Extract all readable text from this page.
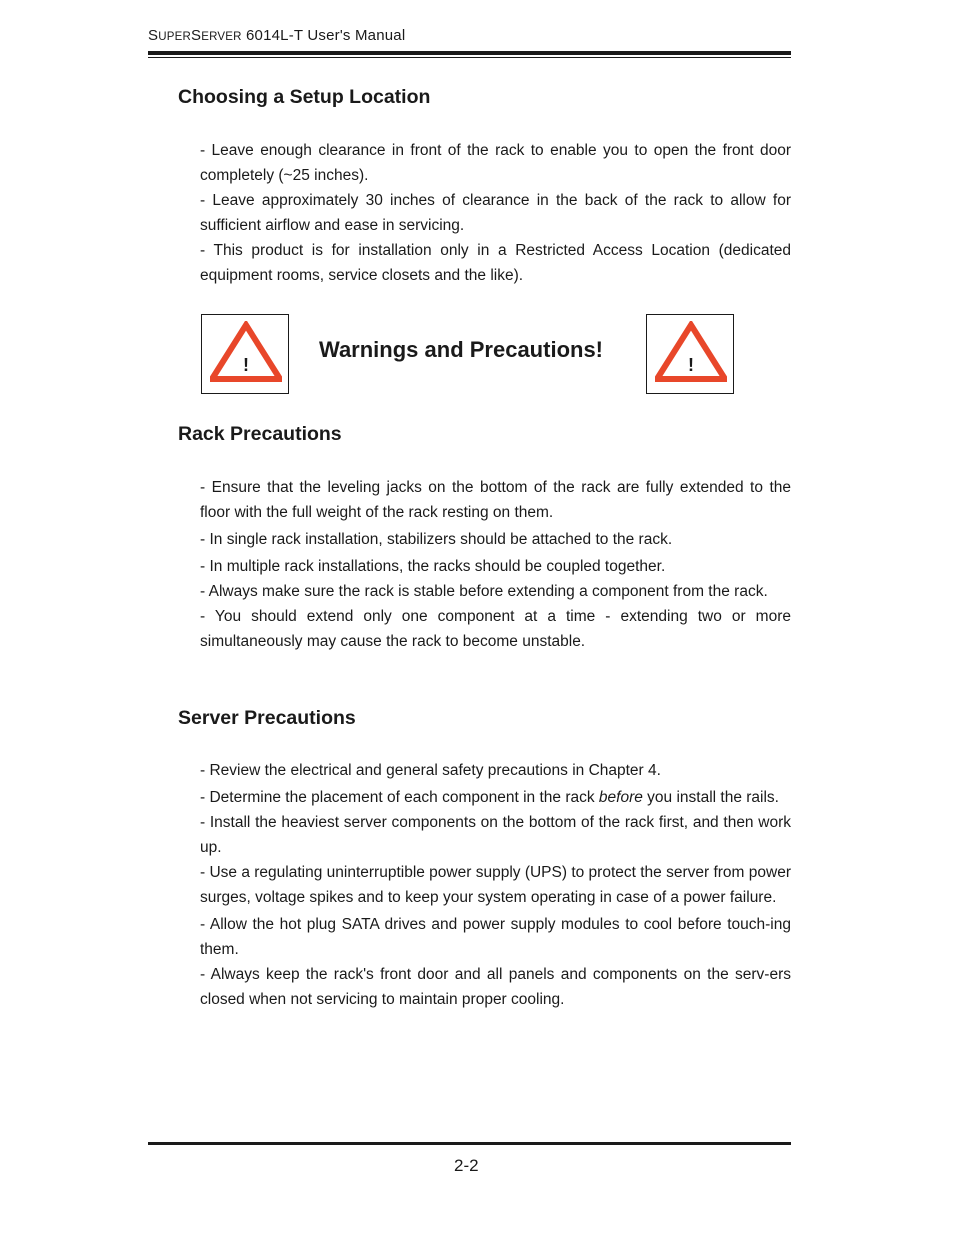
SUPERSERVER 6014L-T User's Manual
Choosing a Setup Location

- Leave enough clearance in front of the rack to enable you to open the front door completely (~25 inches).

- Leave approximately 30 inches of clearance in the back of the rack to allow for sufficient airflow and ease in servicing.

- This product is for installation only in a Restricted Access Location (dedicated equipment rooms, service closets and the like).

!
Warnings and Precautions!
!
Rack Precautions

- Ensure that the leveling jacks on the bottom of the rack are fully extended to the floor with the full weight of the rack resting on them.

- In single rack installation, stabilizers should be attached to the rack.

- In multiple rack installations, the racks should be coupled together.

- Always make sure the rack is stable before extending a component from the rack.

- You should extend only one component at a time - extending two or more simultaneously may cause the rack to become unstable.

Server Precautions

- Review the electrical and general safety precautions in Chapter 4.

- Determine the placement of each component in the rack before you install the rails.

- Install the heaviest server components on the bottom of the rack first, and then work up.

- Use a regulating uninterruptible power supply (UPS) to protect the server from power surges, voltage spikes and to keep your system operating in case of a power failure.

- Allow the hot plug SATA drives and power supply modules to cool before touch-ing them.

- Always keep the rack's front door and all panels and components on the serv-ers closed when not servicing to maintain proper cooling.

2-2
